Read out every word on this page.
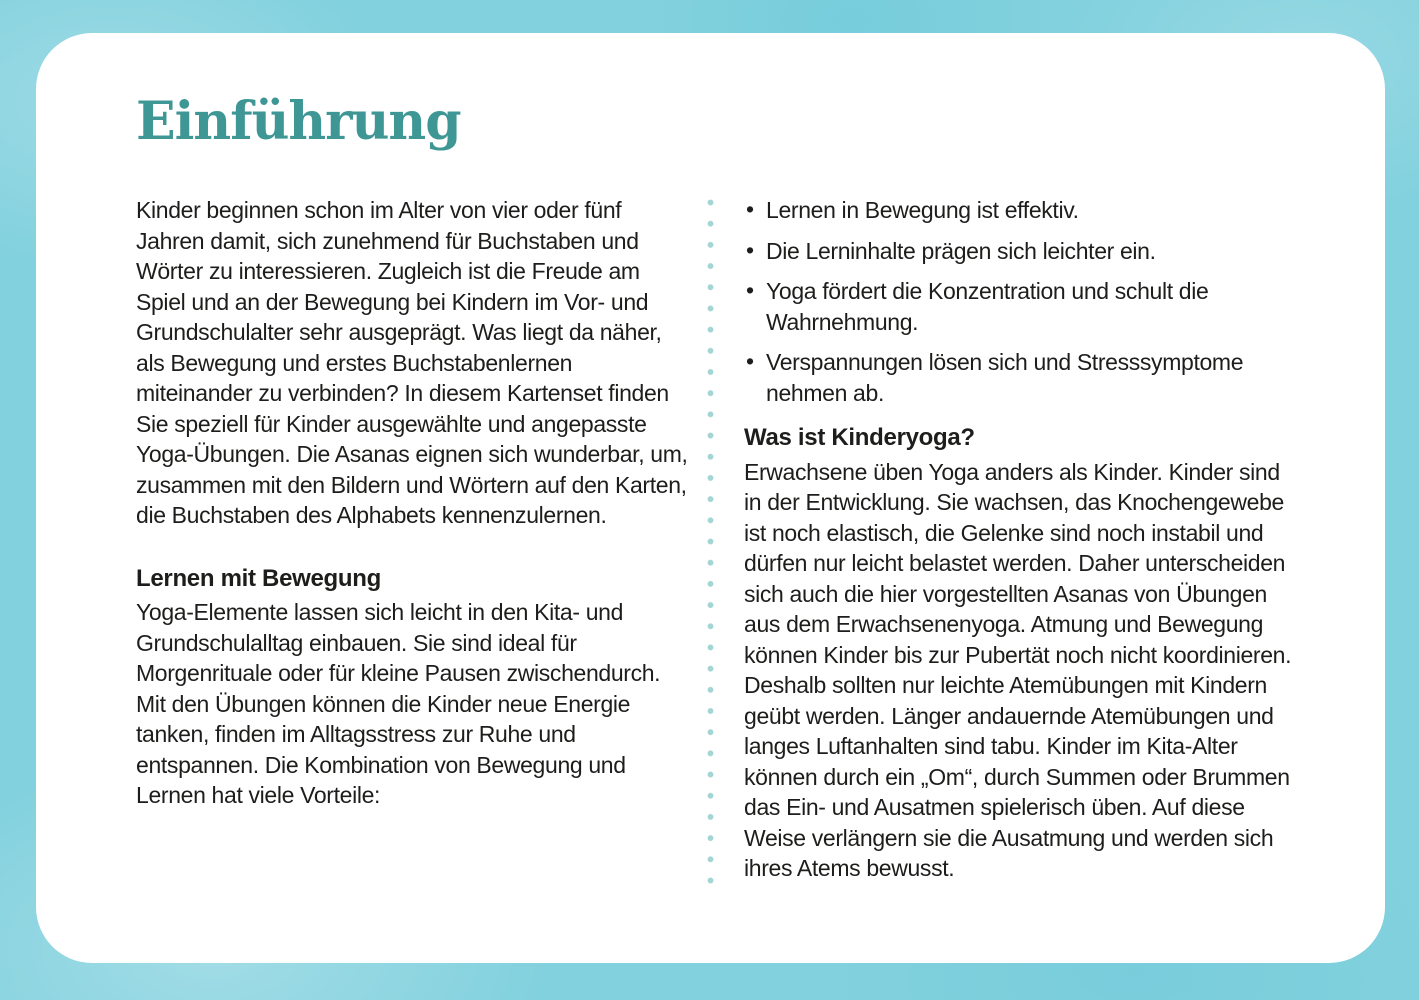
Einführung

Kinder beginnen schon im Alter von vier oder fünf Jahren damit, sich zunehmend für Buchstaben und Wörter zu interessieren. Zugleich ist die Freude am Spiel und an der Bewegung bei Kindern im Vor- und Grundschulalter sehr ausgeprägt. Was liegt da näher, als Bewegung und erstes Buchstabenlernen miteinander zu verbinden? In diesem Kartenset finden Sie speziell für Kinder ausgewählte und angepasste Yoga-Übungen. Die Asanas eignen sich wunderbar, um, zusammen mit den Bildern und Wörtern auf den Karten, die Buchstaben des Alphabets kennenzulernen.

Lernen mit Bewegung

Yoga-Elemente lassen sich leicht in den Kita- und Grundschulalltag einbauen. Sie sind ideal für Morgenrituale oder für kleine Pausen zwischendurch. Mit den Übungen können die Kinder neue Energie tanken, finden im Alltagsstress zur Ruhe und entspannen. Die Kombination von Bewegung und Lernen hat viele Vorteile:

• Lernen in Bewegung ist effektiv.
• Die Lerninhalte prägen sich leichter ein.
• Yoga fördert die Konzentration und schult die Wahrnehmung.
• Verspannungen lösen sich und Stresssymptome nehmen ab.
Was ist Kinderyoga?

Erwachsene üben Yoga anders als Kinder. Kinder sind in der Entwicklung. Sie wachsen, das Knochengewebe ist noch elastisch, die Gelenke sind noch instabil und dürfen nur leicht belastet werden. Daher unterscheiden sich auch die hier vorgestellten Asanas von Übungen aus dem Erwachsenenyoga. Atmung und Bewegung können Kinder bis zur Pubertät noch nicht koordinieren. Deshalb sollten nur leichte Atemübungen mit Kindern geübt werden. Länger andauernde Atemübungen und langes Luftanhalten sind tabu. Kinder im Kita-Alter können durch ein „Om“, durch Summen oder Brummen das Ein- und Ausatmen spielerisch üben. Auf diese Weise verlängern sie die Ausatmung und werden sich ihres Atems bewusst.
